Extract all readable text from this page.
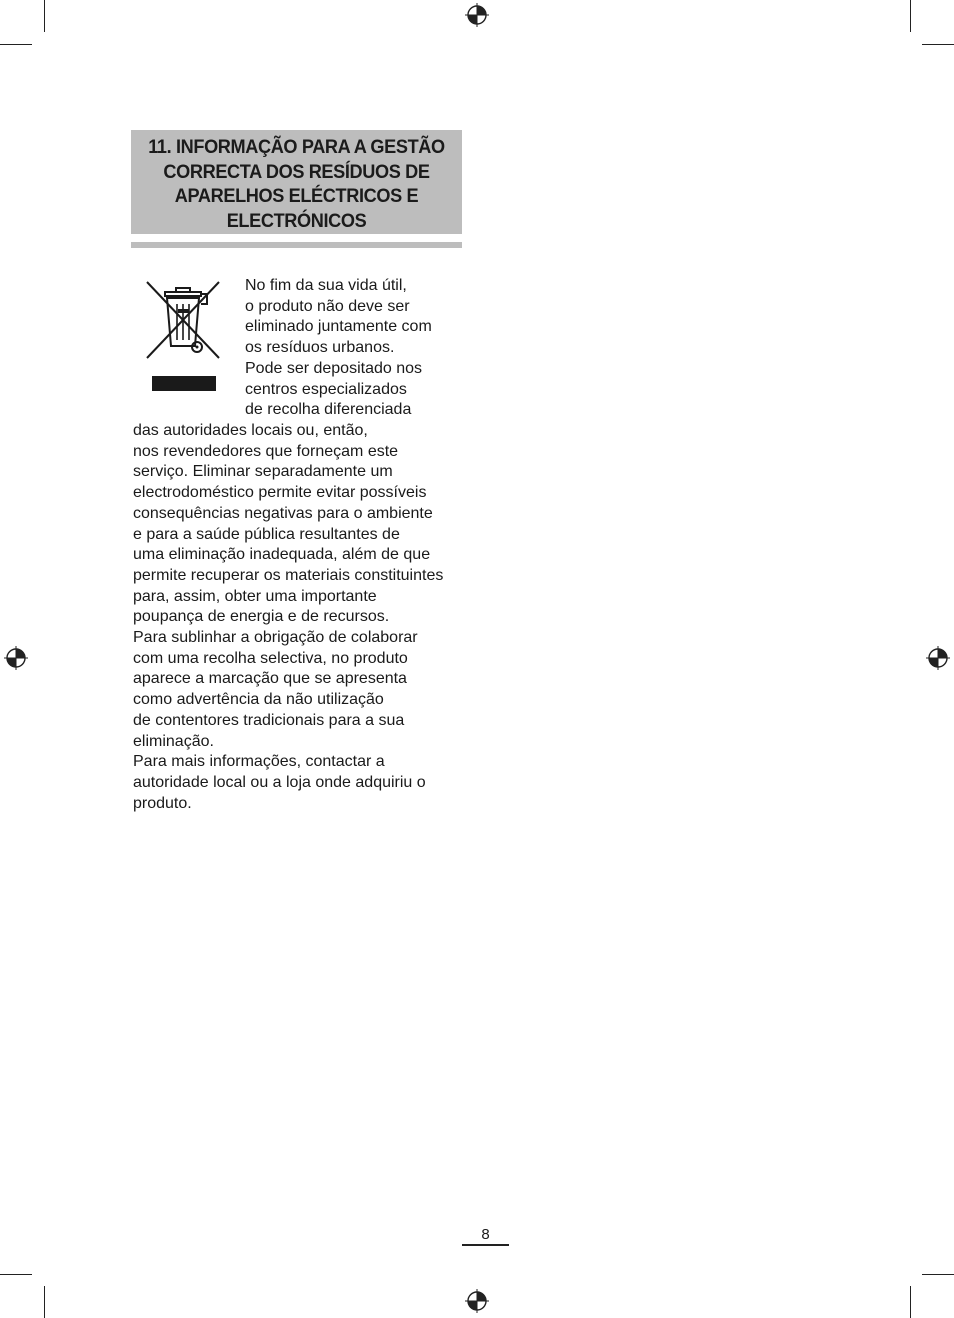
11. INFORMAÇÃO PARA A GESTÃO
CORRECTA DOS RESÍDUOS DE
APARELHOS ELÉCTRICOS E
ELECTRÓNICOS
No fim da sua vida útil,
o produto não deve ser
eliminado juntamente com
os resíduos urbanos.
Pode ser depositado nos
centros especializados
de recolha diferenciada
das autoridades locais ou, então,
nos revendedores que forneçam este
serviço. Eliminar separadamente um
electrodoméstico permite evitar possíveis
consequências negativas para o ambiente
e para a saúde pública resultantes de
uma eliminação inadequada, além de que
permite recuperar os materiais constituintes
para, assim, obter uma importante
poupança de energia e de recursos.
Para sublinhar a obrigação de colaborar
com uma recolha selectiva, no produto
aparece a marcação que se apresenta
como advertência da não utilização
de contentores tradicionais para a sua
eliminação.
Para mais informações, contactar a
autoridade local ou a loja onde adquiriu o
produto.
8
